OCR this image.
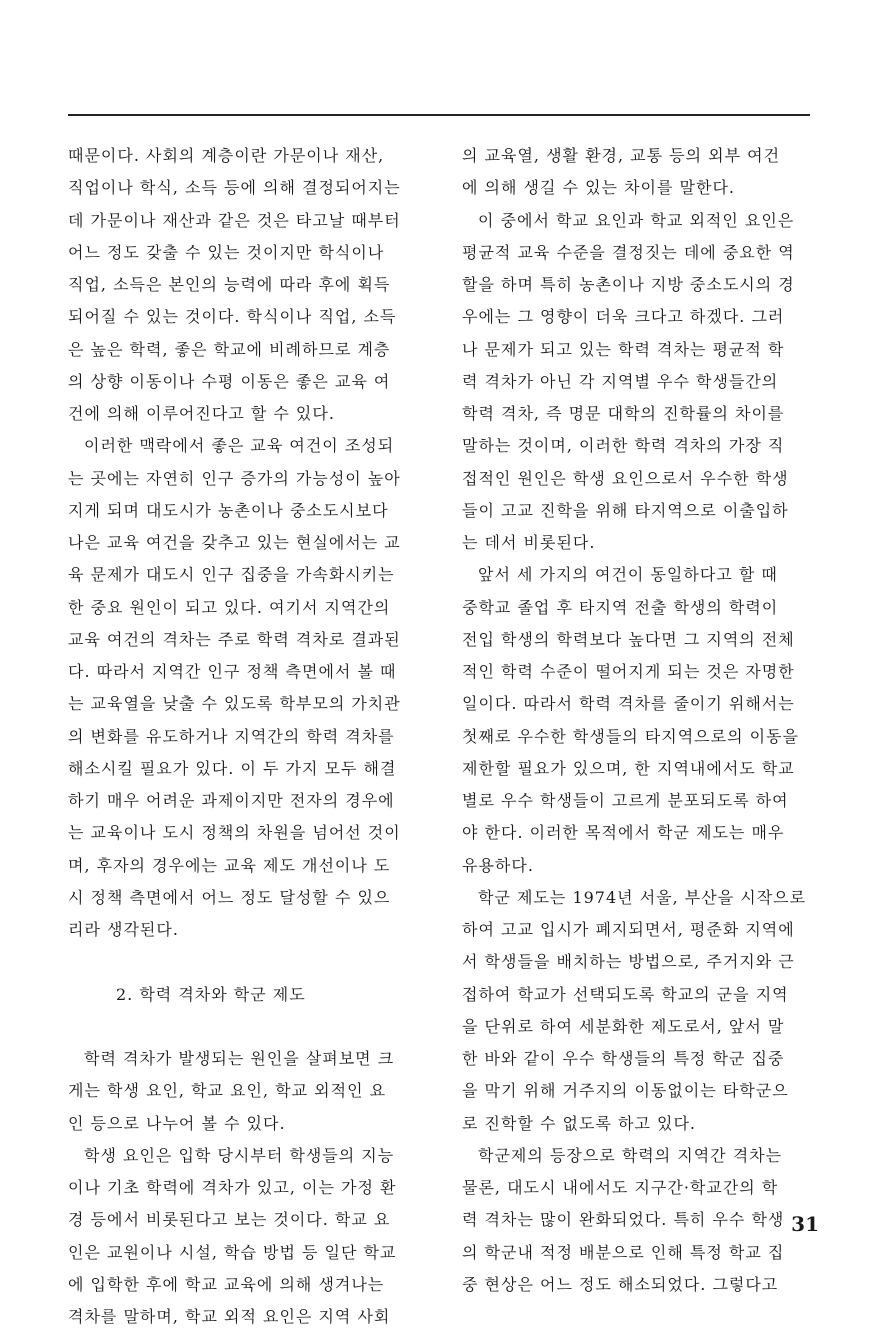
때문이다. 사회의 계층이란 가문이나 재산,
직업이나 학식, 소득 등에 의해 결정되어지는
데 가문이나 재산과 같은 것은 타고날 때부터
어느 정도 갖출 수 있는 것이지만 학식이나
직업, 소득은 본인의 능력에 따라 후에 획득
되어질 수 있는 것이다. 학식이나 직업, 소득
은 높은 학력, 좋은 학교에 비례하므로 계층
의 상향 이동이나 수평 이동은 좋은 교육 여
건에 의해 이루어진다고 할 수 있다.
이러한 맥락에서 좋은 교육 여건이 조성되
는 곳에는 자연히 인구 증가의 가능성이 높아
지게 되며 대도시가 농촌이나 중소도시보다
나은 교육 여건을 갖추고 있는 현실에서는 교
육 문제가 대도시 인구 집중을 가속화시키는
한 중요 원인이 되고 있다. 여기서 지역간의
교육 여건의 격차는 주로 학력 격차로 결과된
다. 따라서 지역간 인구 정책 측면에서 볼 때
는 교육열을 낮출 수 있도록 학부모의 가치관
의 변화를 유도하거나 지역간의 학력 격차를
해소시킬 필요가 있다. 이 두 가지 모두 해결
하기 매우 어려운 과제이지만 전자의 경우에
는 교육이나 도시 정책의 차원을 넘어선 것이
며, 후자의 경우에는 교육 제도 개선이나 도
시 정책 측면에서 어느 정도 달성할 수 있으
리라 생각된다.
2. 학력 격차와 학군 제도
학력 격차가 발생되는 원인을 살펴보면 크
게는 학생 요인, 학교 요인, 학교 외적인 요
인 등으로 나누어 볼 수 있다.
학생 요인은 입학 당시부터 학생들의 지능
이나 기초 학력에 격차가 있고, 이는 가정 환
경 등에서 비롯된다고 보는 것이다. 학교 요
인은 교원이나 시설, 학습 방법 등 일단 학교
에 입학한 후에 학교 교육에 의해 생겨나는
격차를 말하며, 학교 외적 요인은 지역 사회
의 교육열, 생활 환경, 교통 등의 외부 여건
에 의해 생길 수 있는 차이를 말한다.
이 중에서 학교 요인과 학교 외적인 요인은
평균적 교육 수준을 결정짓는 데에 중요한 역
할을 하며 특히 농촌이나 지방 중소도시의 경
우에는 그 영향이 더욱 크다고 하겠다. 그러
나 문제가 되고 있는 학력 격차는 평균적 학
력 격차가 아닌 각 지역별 우수 학생들간의
학력 격차, 즉 명문 대학의 진학률의 차이를
말하는 것이며, 이러한 학력 격차의 가장 직
접적인 원인은 학생 요인으로서 우수한 학생
들이 고교 진학을 위해 타지역으로 이출입하
는 데서 비롯된다.
앞서 세 가지의 여건이 동일하다고 할 때
중학교 졸업 후 타지역 전출 학생의 학력이
전입 학생의 학력보다 높다면 그 지역의 전체
적인 학력 수준이 떨어지게 되는 것은 자명한
일이다. 따라서 학력 격차를 줄이기 위해서는
첫째로 우수한 학생들의 타지역으로의 이동을
제한할 필요가 있으며, 한 지역내에서도 학교
별로 우수 학생들이 고르게 분포되도록 하여
야 한다. 이러한 목적에서 학군 제도는 매우
유용하다.
학군 제도는 1974년 서울, 부산을 시작으로
하여 고교 입시가 폐지되면서, 평준화 지역에
서 학생들을 배치하는 방법으로, 주거지와 근
접하여 학교가 선택되도록 학교의 군을 지역
을 단위로 하여 세분화한 제도로서, 앞서 말
한 바와 같이 우수 학생들의 특정 학군 집중
을 막기 위해 거주지의 이동없이는 타학군으
로 진학할 수 없도록 하고 있다.
학군제의 등장으로 학력의 지역간 격차는
물론, 대도시 내에서도 지구간·학교간의 학
력 격차는 많이 완화되었다. 특히 우수 학생
의 학군내 적정 배분으로 인해 특정 학교 집
중 현상은 어느 정도 해소되었다. 그렇다고
31
